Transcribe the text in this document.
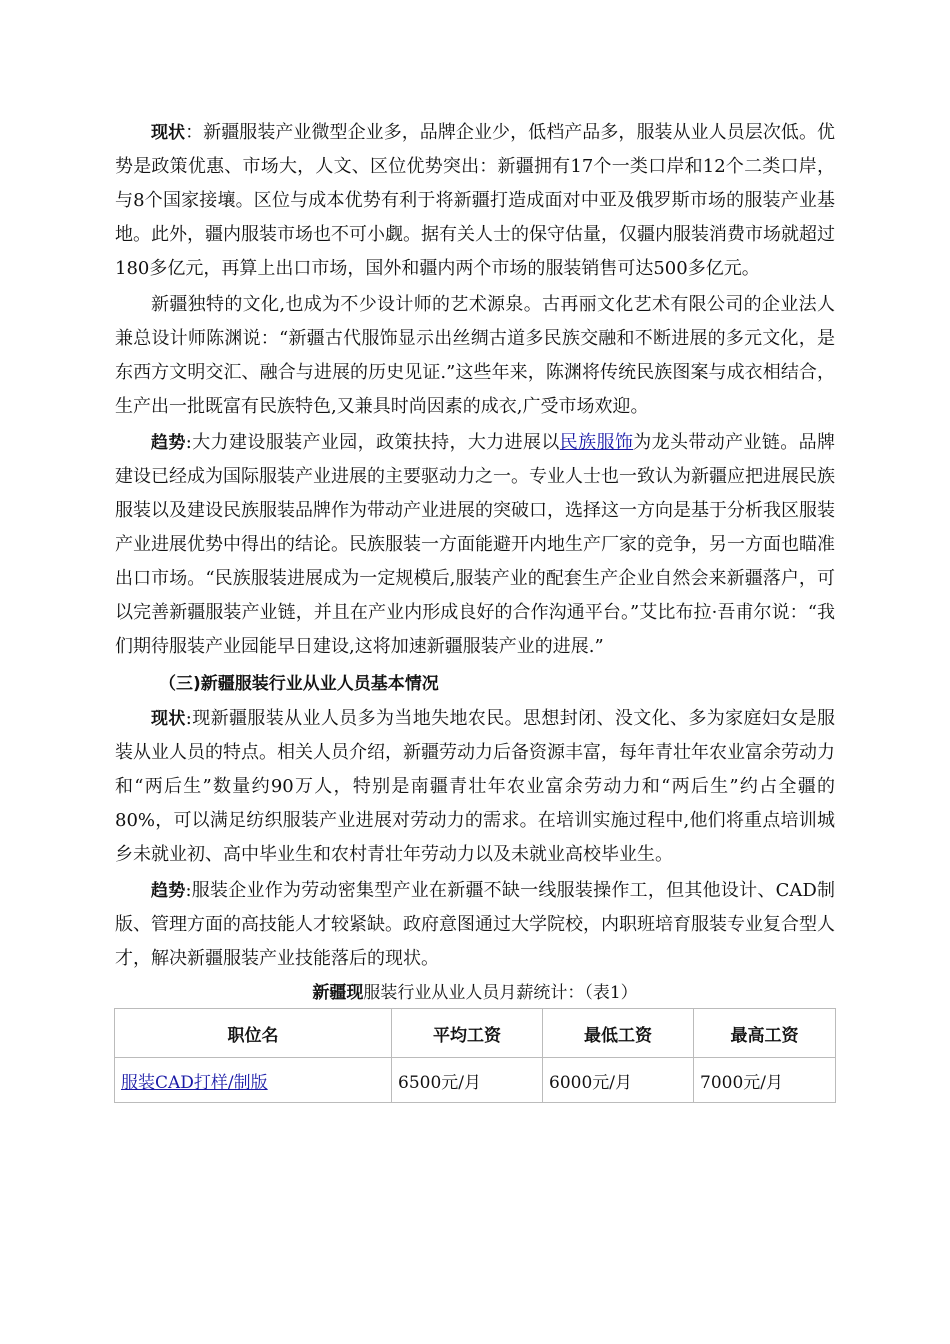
现状：新疆服装产业微型企业多，品牌企业少，低档产品多，服装从业人员层次低。优势是政策优惠、市场大，人文、区位优势突出：新疆拥有17个一类口岸和12个二类口岸，与8个国家接壤。区位与成本优势有利于将新疆打造成面对中亚及俄罗斯市场的服装产业基地。此外，疆内服装市场也不可小觑。据有关人士的保守估量，仅疆内服装消费市场就超过180多亿元，再算上出口市场，国外和疆内两个市场的服装销售可达500多亿元。

新疆独特的文化,也成为不少设计师的艺术源泉。古再丽文化艺术有限公司的企业法人兼总设计师陈渊说：“新疆古代服饰显示出丝绸古道多民族交融和不断进展的多元文化，是东西方文明交汇、融合与进展的历史见证.”这些年来，陈渊将传统民族图案与成衣相结合，生产出一批既富有民族特色,又兼具时尚因素的成衣,广受市场欢迎。

趋势:大力建设服装产业园，政策扶持，大力进展以民族服饰为龙头带动产业链。品牌建设已经成为国际服装产业进展的主要驱动力之一。专业人士也一致认为新疆应把进展民族服装以及建设民族服装品牌作为带动产业进展的突破口，选择这一方向是基于分析我区服装产业进展优势中得出的结论。民族服装一方面能避开内地生产厂家的竞争，另一方面也瞄准出口市场。“民族服装进展成为一定规模后,服装产业的配套生产企业自然会来新疆落户，可以完善新疆服装产业链，并且在产业内形成良好的合作沟通平台。”艾比布拉·吾甫尔说：“我们期待服装产业园能早日建设,这将加速新疆服装产业的进展.”

（三)新疆服装行业从业人员基本情况

现状:现新疆服装从业人员多为当地失地农民。思想封闭、没文化、多为家庭妇女是服装从业人员的特点。相关人员介绍，新疆劳动力后备资源丰富，每年青壮年农业富余劳动力和“两后生”数量约90万人，特别是南疆青壮年农业富余劳动力和“两后生”约占全疆的80%，可以满足纺织服装产业进展对劳动力的需求。在培训实施过程中,他们将重点培训城乡未就业初、高中毕业生和农村青壮年劳动力以及未就业高校毕业生。

趋势:服装企业作为劳动密集型产业在新疆不缺一线服装操作工，但其他设计、CAD制版、管理方面的高技能人才较紧缺。政府意图通过大学院校，内职班培育服装专业复合型人才，解决新疆服装产业技能落后的现状。

新疆现服装行业从业人员月薪统计：（表1）
职位名	平均工资	最低工资	最高工资
服装CAD打样/制版	6500元/月	6000元/月	7000元/月
